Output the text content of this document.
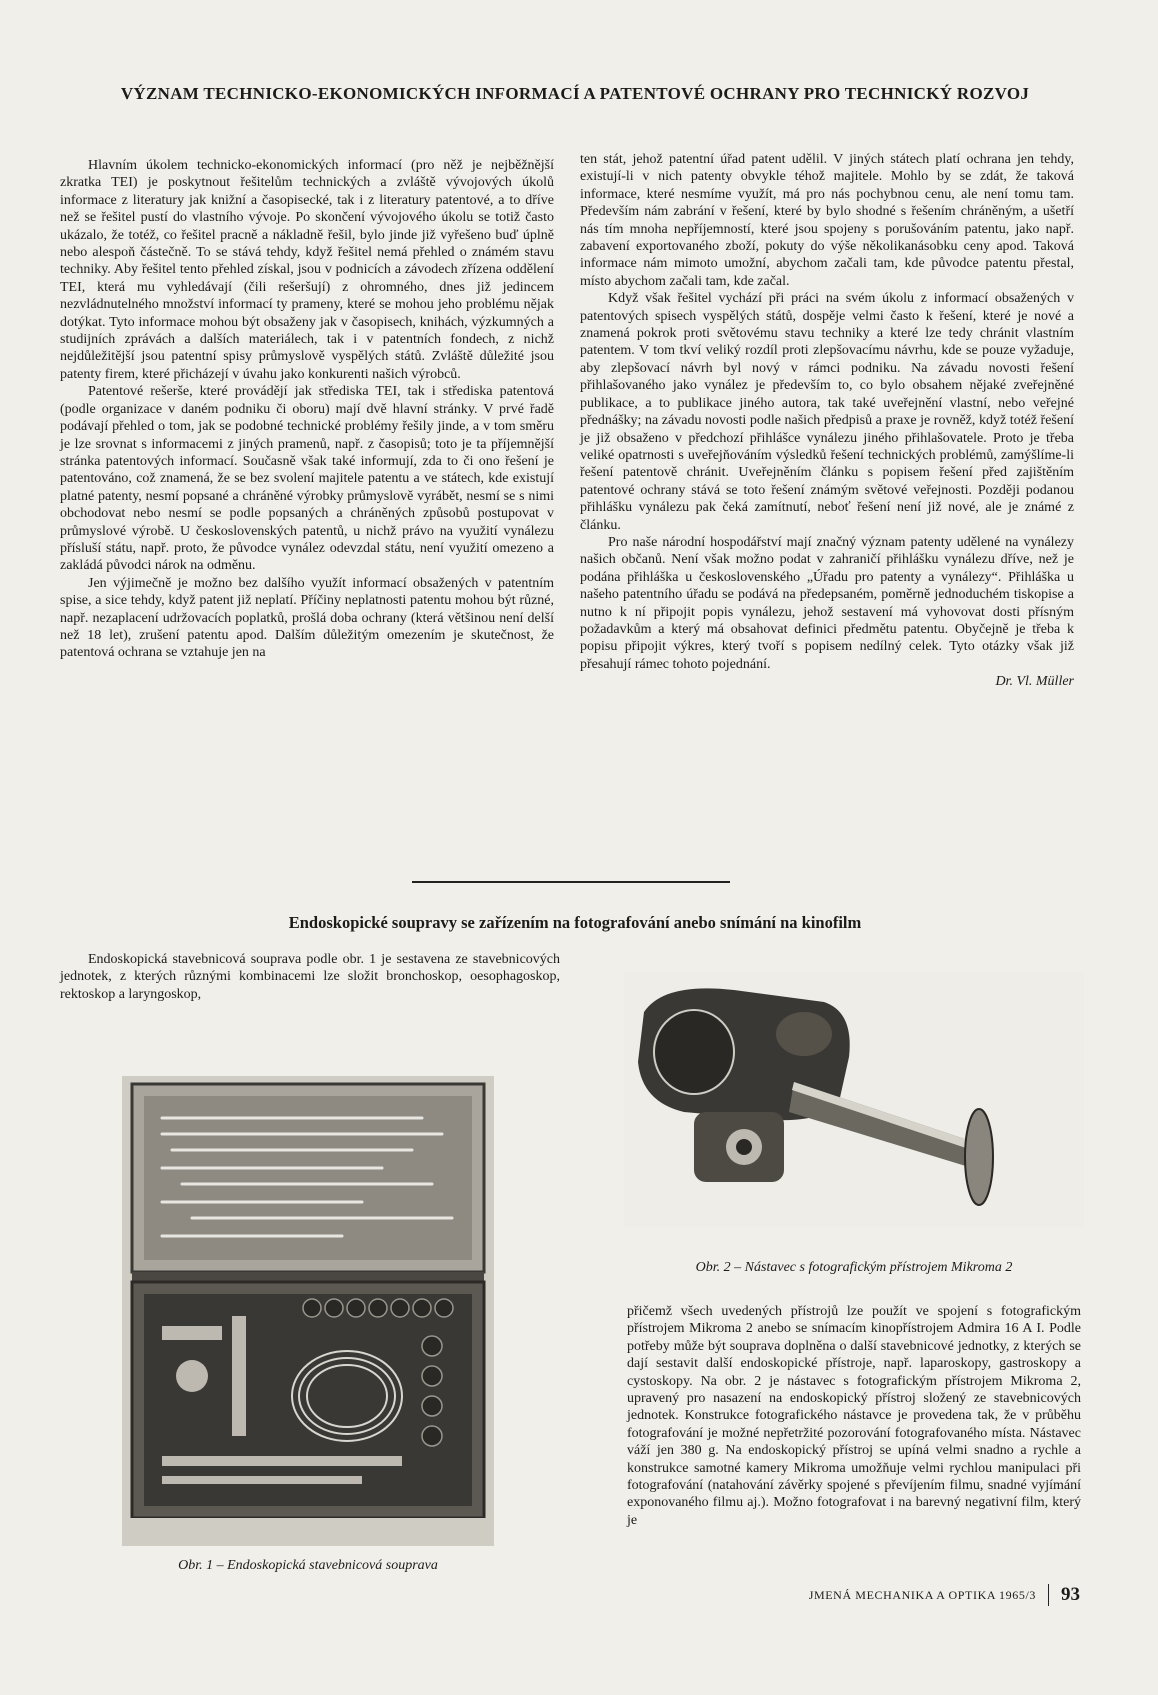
VÝZNAM TECHNICKO-EKONOMICKÝCH INFORMACÍ A PATENTOVÉ OCHRANY PRO TECHNICKÝ ROZVOJ

Hlavním úkolem technicko-ekonomických informací (pro něž je nejběžnější zkratka TEI) je poskytnout řešitelům technických a zvláště vývojových úkolů informace z literatury jak knižní a časopisecké, tak i z literatury patentové, a to dříve než se řešitel pustí do vlastního vývoje. Po skončení vývojového úkolu se totiž často ukázalo, že totéž, co řešitel pracně a nákladně řešil, bylo jinde již vyřešeno buď úplně nebo alespoň částečně. To se stává tehdy, když řešitel nemá přehled o známém stavu techniky. Aby řešitel tento přehled získal, jsou v podnicích a závodech zřízena oddělení TEI, která mu vyhledávají (čili rešeršují) z ohromného, dnes již jedincem nezvládnutelného množství informací ty prameny, které se mohou jeho problému nějak dotýkat. Tyto informace mohou být obsaženy jak v časopisech, knihách, výzkumných a studijních zprávách a dalších materiálech, tak i v patentních fondech, z nichž nejdůležitější jsou patentní spisy průmyslově vyspělých států. Zvláště důležité jsou patenty firem, které přicházejí v úvahu jako konkurenti našich výrobců.

Patentové rešerše, které provádějí jak střediska TEI, tak i střediska patentová (podle organizace v daném podniku či oboru) mají dvě hlavní stránky. V prvé řadě podávají přehled o tom, jak se podobné technické problémy řešily jinde, a v tom směru je lze srovnat s informacemi z jiných pramenů, např. z časopisů; toto je ta příjemnější stránka patentových informací. Současně však také informují, zda to či ono řešení je patentováno, což znamená, že se bez svolení majitele patentu a ve státech, kde existují platné patenty, nesmí popsané a chráněné výrobky průmyslově vyrábět, nesmí se s nimi obchodovat nebo nesmí se podle popsaných a chráněných způsobů postupovat v průmyslové výrobě. U československých patentů, u nichž právo na využití vynálezu přísluší státu, např. proto, že původce vynález odevzdal státu, není využití omezeno a zakládá původci nárok na odměnu.

Jen výjimečně je možno bez dalšího využít informací obsažených v patentním spise, a sice tehdy, když patent již neplatí. Příčiny neplatnosti patentu mohou být různé, např. nezaplacení udržovacích poplatků, prošlá doba ochrany (která většinou není delší než 18 let), zrušení patentu apod. Dalším důležitým omezením je skutečnost, že patentová ochrana se vztahuje jen na

ten stát, jehož patentní úřad patent udělil. V jiných státech platí ochrana jen tehdy, existují-li v nich patenty obvykle téhož majitele. Mohlo by se zdát, že taková informace, které nesmíme využít, má pro nás pochybnou cenu, ale není tomu tam. Především nám zabrání v řešení, které by bylo shodné s řešením chráněným, a ušetří nás tím mnoha nepříjemností, které jsou spojeny s porušováním patentu, jako např. zabavení exportovaného zboží, pokuty do výše několikanásobku ceny apod. Taková informace nám mimoto umožní, abychom začali tam, kde původce patentu přestal, místo abychom začali tam, kde začal.

Když však řešitel vychází při práci na svém úkolu z informací obsažených v patentových spisech vyspělých států, dospěje velmi často k řešení, které je nové a znamená pokrok proti světovému stavu techniky a které lze tedy chránit vlastním patentem. V tom tkví veliký rozdíl proti zlepšovacímu návrhu, kde se pouze vyžaduje, aby zlepšovací návrh byl nový v rámci podniku. Na závadu novosti řešení přihlašovaného jako vynález je především to, co bylo obsahem nějaké zveřejněné publikace, a to publikace jiného autora, tak také uveřejnění vlastní, nebo veřejné přednášky; na závadu novosti podle našich předpisů a praxe je rovněž, když totéž řešení je již obsaženo v předchozí přihlášce vynálezu jiného přihlašovatele. Proto je třeba veliké opatrnosti s uveřejňováním výsledků řešení technických problémů, zamýšlíme-li řešení patentově chránit. Uveřejněním článku s popisem řešení před zajištěním patentové ochrany stává se toto řešení známým světové veřejnosti. Později podanou přihlášku vynálezu pak čeká zamítnutí, neboť řešení není již nové, ale je známé z článku.

Pro naše národní hospodářství mají značný význam patenty udělené na vynálezy našich občanů. Není však možno podat v zahraničí přihlášku vynálezu dříve, než je podána přihláška u československého „Úřadu pro patenty a vynálezy“. Přihláška u našeho patentního úřadu se podává na předepsaném, poměrně jednoduchém tiskopise a nutno k ní připojit popis vynálezu, jehož sestavení má vyhovovat dosti přísným požadavkům a který má obsahovat definici předmětu patentu. Obyčejně je třeba k popisu připojit výkres, který tvoří s popisem nedílný celek. Tyto otázky však již přesahují rámec tohoto pojednání.

Dr. Vl. Müller
Endoskopické soupravy se zařízením na fotografování anebo snímání na kinofilm

Endoskopická stavebnicová souprava podle obr. 1 je sestavena ze stavebnicových jednotek, z kterých různými kombinacemi lze složit bronchoskop, oesophagoskop, rektoskop a laryngoskop,

Obr. 1 – Endoskopická stavebnicová souprava
Obr. 2 – Nástavec s fotografickým přístrojem Mikroma 2

přičemž všech uvedených přístrojů lze použít ve spojení s fotografickým přístrojem Mikroma 2 anebo se snímacím kinopřístrojem Admira 16 A I. Podle potřeby může být souprava doplněna o další stavebnicové jednotky, z kterých se dají sestavit další endoskopické přístroje, např. laparoskopy, gastroskopy a cystoskopy. Na obr. 2 je nástavec s fotografickým přístrojem Mikroma 2, upravený pro nasazení na endoskopický přístroj složený ze stavebnicových jednotek. Konstrukce fotografického nástavce je provedena tak, že v průběhu fotografování je možné nepřetržité pozorování fotografovaného místa. Nástavec váží jen 380 g. Na endoskopický přístroj se upíná velmi snadno a rychle a konstrukce samotné kamery Mikroma umožňuje velmi rychlou manipulaci při fotografování (natahování závěrky spojené s převíjením filmu, snadné vyjímání exponovaného filmu aj.). Možno fotografovat i na barevný negativní film, který je

JMENÁ MECHANIKA A OPTIKA 1965/3 93
